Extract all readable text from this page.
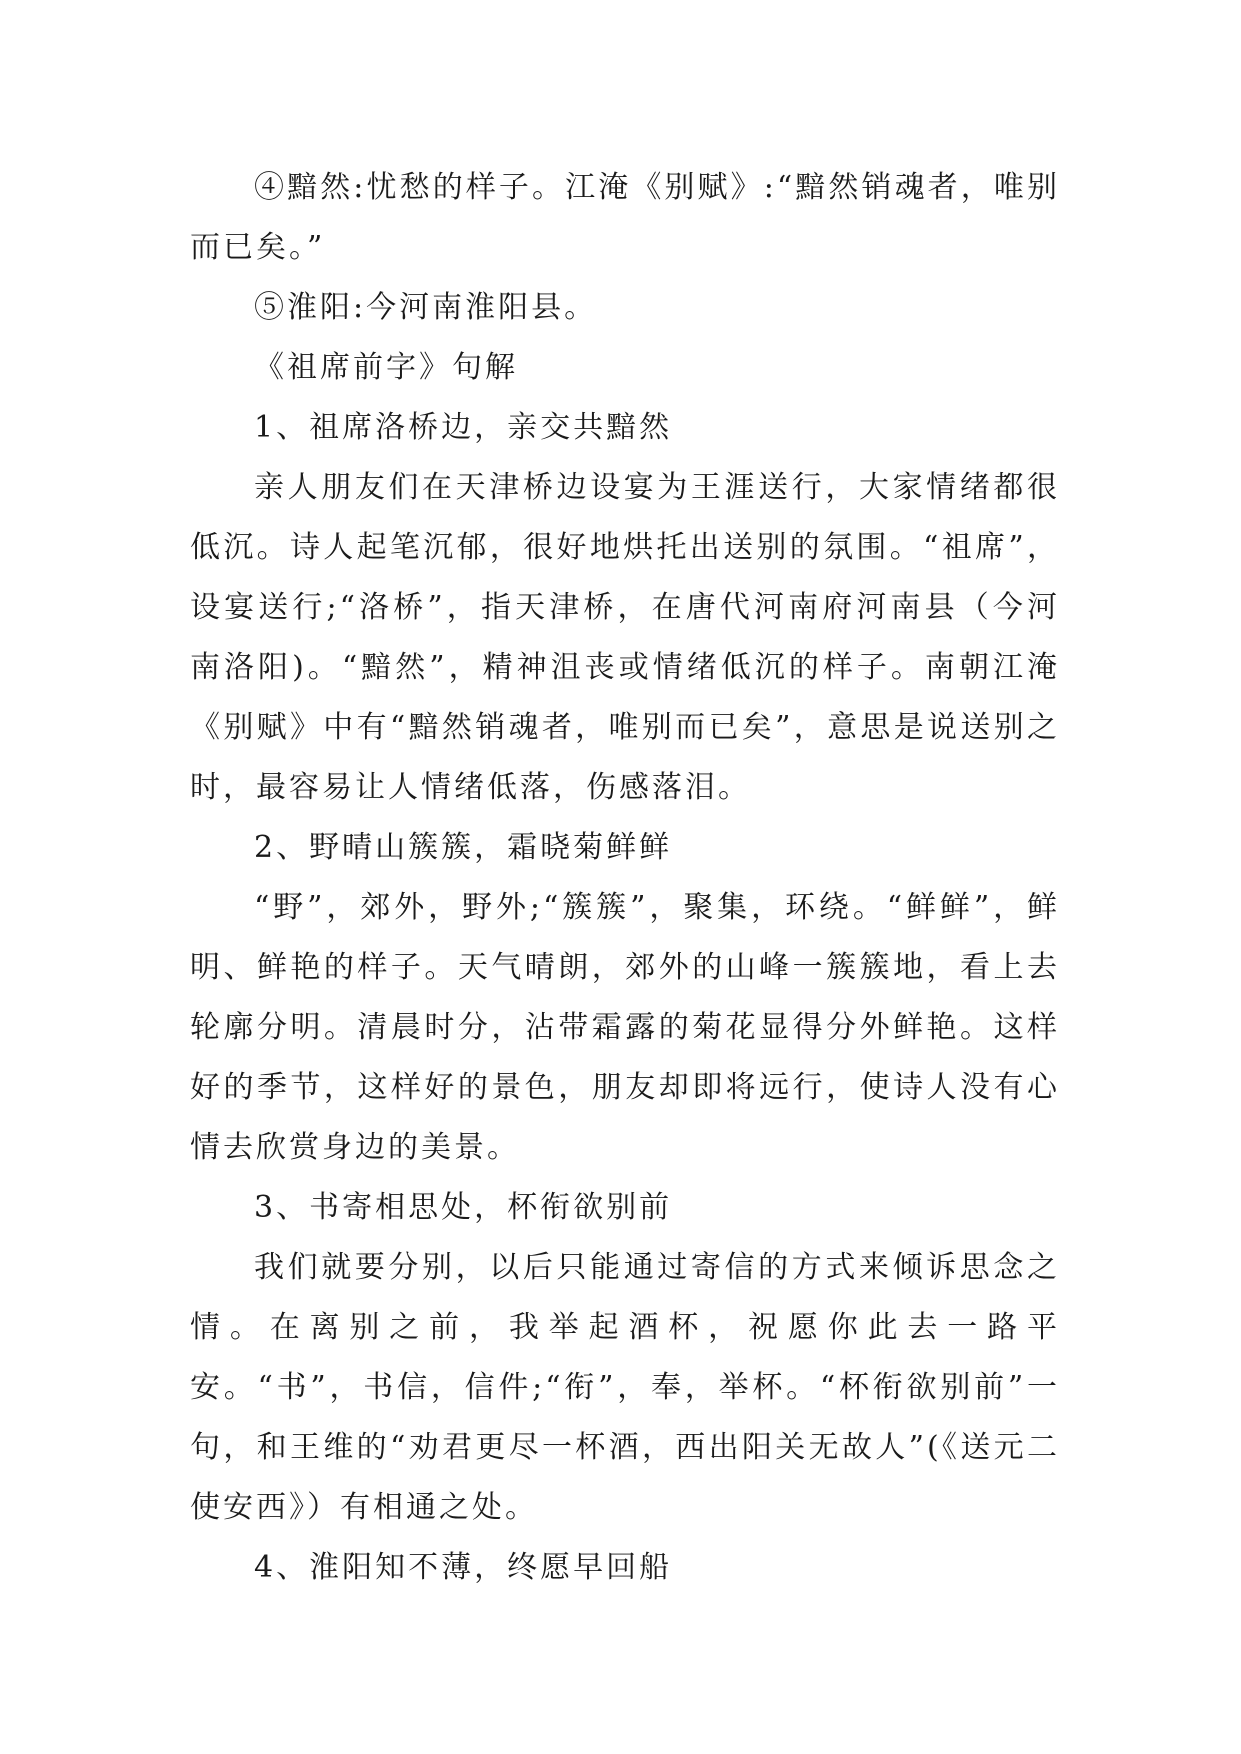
④黯然:忧愁的样子。江淹《别赋》:“黯然销魂者，唯别而已矣。”

⑤淮阳:今河南淮阳县。

《祖席前字》句解

1、祖席洛桥边，亲交共黯然

亲人朋友们在天津桥边设宴为王涯送行，大家情绪都很低沉。诗人起笔沉郁，很好地烘托出送别的氛围。“祖席”，设宴送行;“洛桥”，指天津桥，在唐代河南府河南县（今河南洛阳)。“黯然”，精神沮丧或情绪低沉的样子。南朝江淹《别赋》中有“黯然销魂者，唯别而已矣”，意思是说送别之时，最容易让人情绪低落，伤感落泪。

2、野晴山簇簇，霜晓菊鲜鲜

“野”，郊外，野外;“簇簇”，聚集，环绕。“鲜鲜”，鲜明、鲜艳的样子。天气晴朗，郊外的山峰一簇簇地，看上去轮廓分明。清晨时分，沾带霜露的菊花显得分外鲜艳。这样好的季节，这样好的景色，朋友却即将远行，使诗人没有心情去欣赏身边的美景。

3、书寄相思处，杯衔欲别前

我们就要分别，以后只能通过寄信的方式来倾诉思念之情。在离别之前，我举起酒杯，祝愿你此去一路平安。“书”，书信，信件;“衔”，奉，举杯。“杯衔欲别前”一句，和王维的“劝君更尽一杯酒，西出阳关无故人”(《送元二使安西》）有相通之处。

4、淮阳知不薄，终愿早回船
